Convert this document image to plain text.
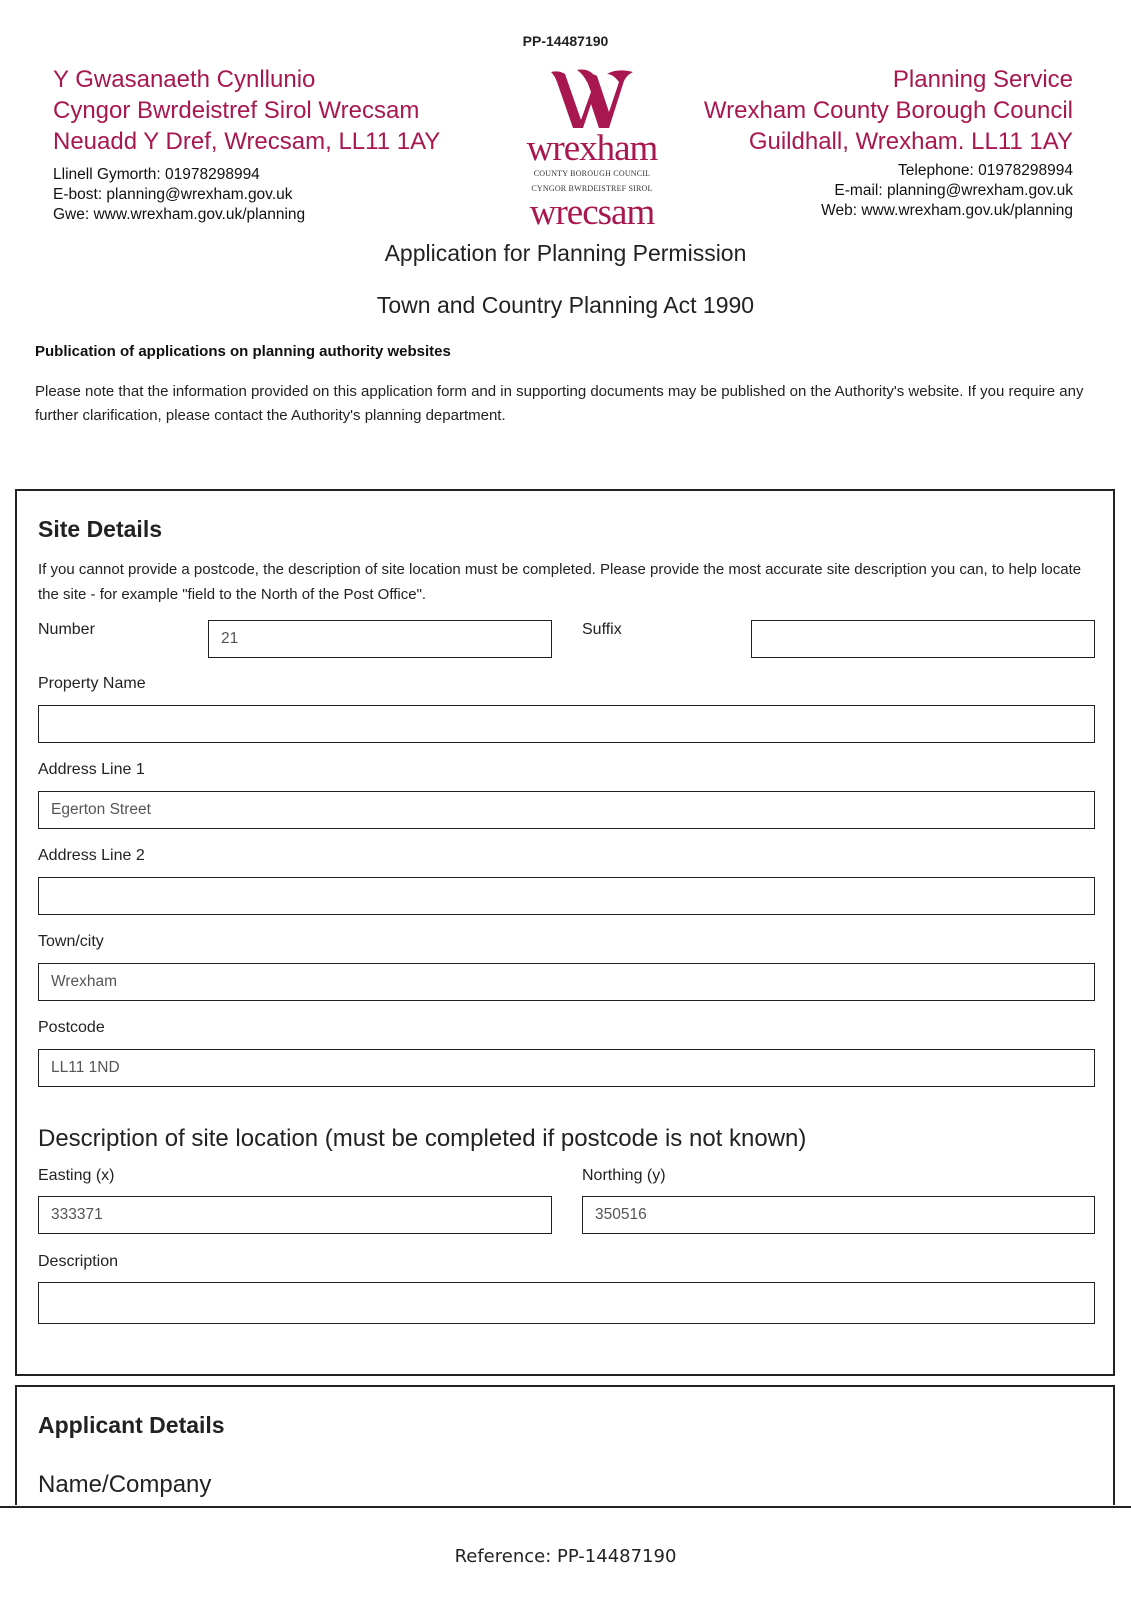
PP-14487190
Y Gwasanaeth Cynllunio
Cyngor Bwrdeistref Sirol Wrecsam
Neuadd Y Dref, Wrecsam, LL11 1AY
Llinell Gymorth: 01978298994
E-bost: planning@wrexham.gov.uk
Gwe: www.wrexham.gov.uk/planning
wrexham
COUNTY BOROUGH COUNCIL
CYNGOR BWRDEISTREF SIROL
wrecsam
Planning Service
Wrexham County Borough Council
Guildhall, Wrexham. LL11 1AY
Telephone: 01978298994
E-mail: planning@wrexham.gov.uk
Web: www.wrexham.gov.uk/planning
Application for Planning Permission
Town and Country Planning Act 1990
Publication of applications on planning authority websites
Please note that the information provided on this application form and in supporting documents may be published on the Authority's website. If you require any further clarification, please contact the Authority's planning department.
Site Details
If you cannot provide a postcode, the description of site location must be completed. Please provide the most accurate site description you can, to help locate the site - for example "field to the North of the Post Office".
Number
21
Suffix
Property Name
Address Line 1
Egerton Street
Address Line 2
Town/city
Wrexham
Postcode
LL11 1ND
Description of site location (must be completed if postcode is not known)
Easting (x)
333371
Northing (y)
350516
Description
Applicant Details
Name/Company
Reference: PP-14487190
